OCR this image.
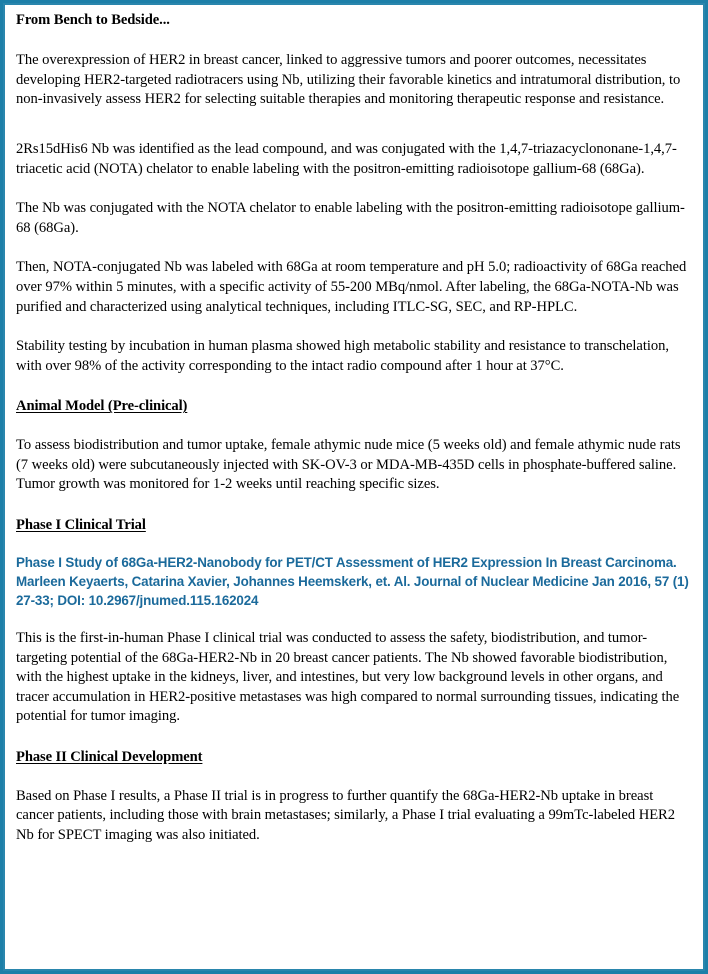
From Bench to Bedside...

The overexpression of HER2 in breast cancer, linked to aggressive tumors and poorer outcomes, necessitates developing HER2-targeted radiotracers using Nb, utilizing their favorable kinetics and intratumoral distribution, to non-invasively assess HER2 for selecting suitable therapies and monitoring therapeutic response and resistance.

2Rs15dHis6 Nb was identified as the lead compound, and was conjugated with the 1,4,7-triazacyclononane-1,4,7-triacetic acid (NOTA) chelator to enable labeling with the positron-emitting radioisotope gallium-68 (68Ga).

The Nb was conjugated with the NOTA chelator to enable labeling with the positron-emitting radioisotope gallium-68 (68Ga).

Then, NOTA-conjugated Nb was labeled with 68Ga at room temperature and pH 5.0; radioactivity of 68Ga reached over 97% within 5 minutes, with a specific activity of 55-200 MBq/nmol. After labeling, the 68Ga-NOTA-Nb was purified and characterized using analytical techniques, including ITLC-SG, SEC, and RP-HPLC.

Stability testing by incubation in human plasma showed high metabolic stability and resistance to transchelation, with over 98% of the activity corresponding to the intact radio compound after 1 hour at 37°C.

Animal Model (Pre-clinical)

To assess biodistribution and tumor uptake, female athymic nude mice (5 weeks old) and female athymic nude rats (7 weeks old) were subcutaneously injected with SK-OV-3 or MDA-MB-435D cells in phosphate-buffered saline. Tumor growth was monitored for 1-2 weeks until reaching specific sizes.

Phase I Clinical Trial

Phase I Study of 68Ga-HER2-Nanobody for PET/CT Assessment of HER2 Expression In Breast Carcinoma. Marleen Keyaerts, Catarina Xavier, Johannes Heemskerk, et. Al. Journal of Nuclear Medicine Jan 2016, 57 (1) 27-33; DOI: 10.2967/jnumed.115.162024

This is the first-in-human Phase I clinical trial was conducted to assess the safety, biodistribution, and tumor-targeting potential of the 68Ga-HER2-Nb in 20 breast cancer patients. The Nb showed favorable biodistribution, with the highest uptake in the kidneys, liver, and intestines, but very low background levels in other organs, and tracer accumulation in HER2-positive metastases was high compared to normal surrounding tissues, indicating the potential for tumor imaging.

Phase II Clinical Development

Based on Phase I results, a Phase II trial is in progress to further quantify the 68Ga-HER2-Nb uptake in breast cancer patients, including those with brain metastases; similarly, a Phase I trial evaluating a 99mTc-labeled HER2 Nb for SPECT imaging was also initiated.
